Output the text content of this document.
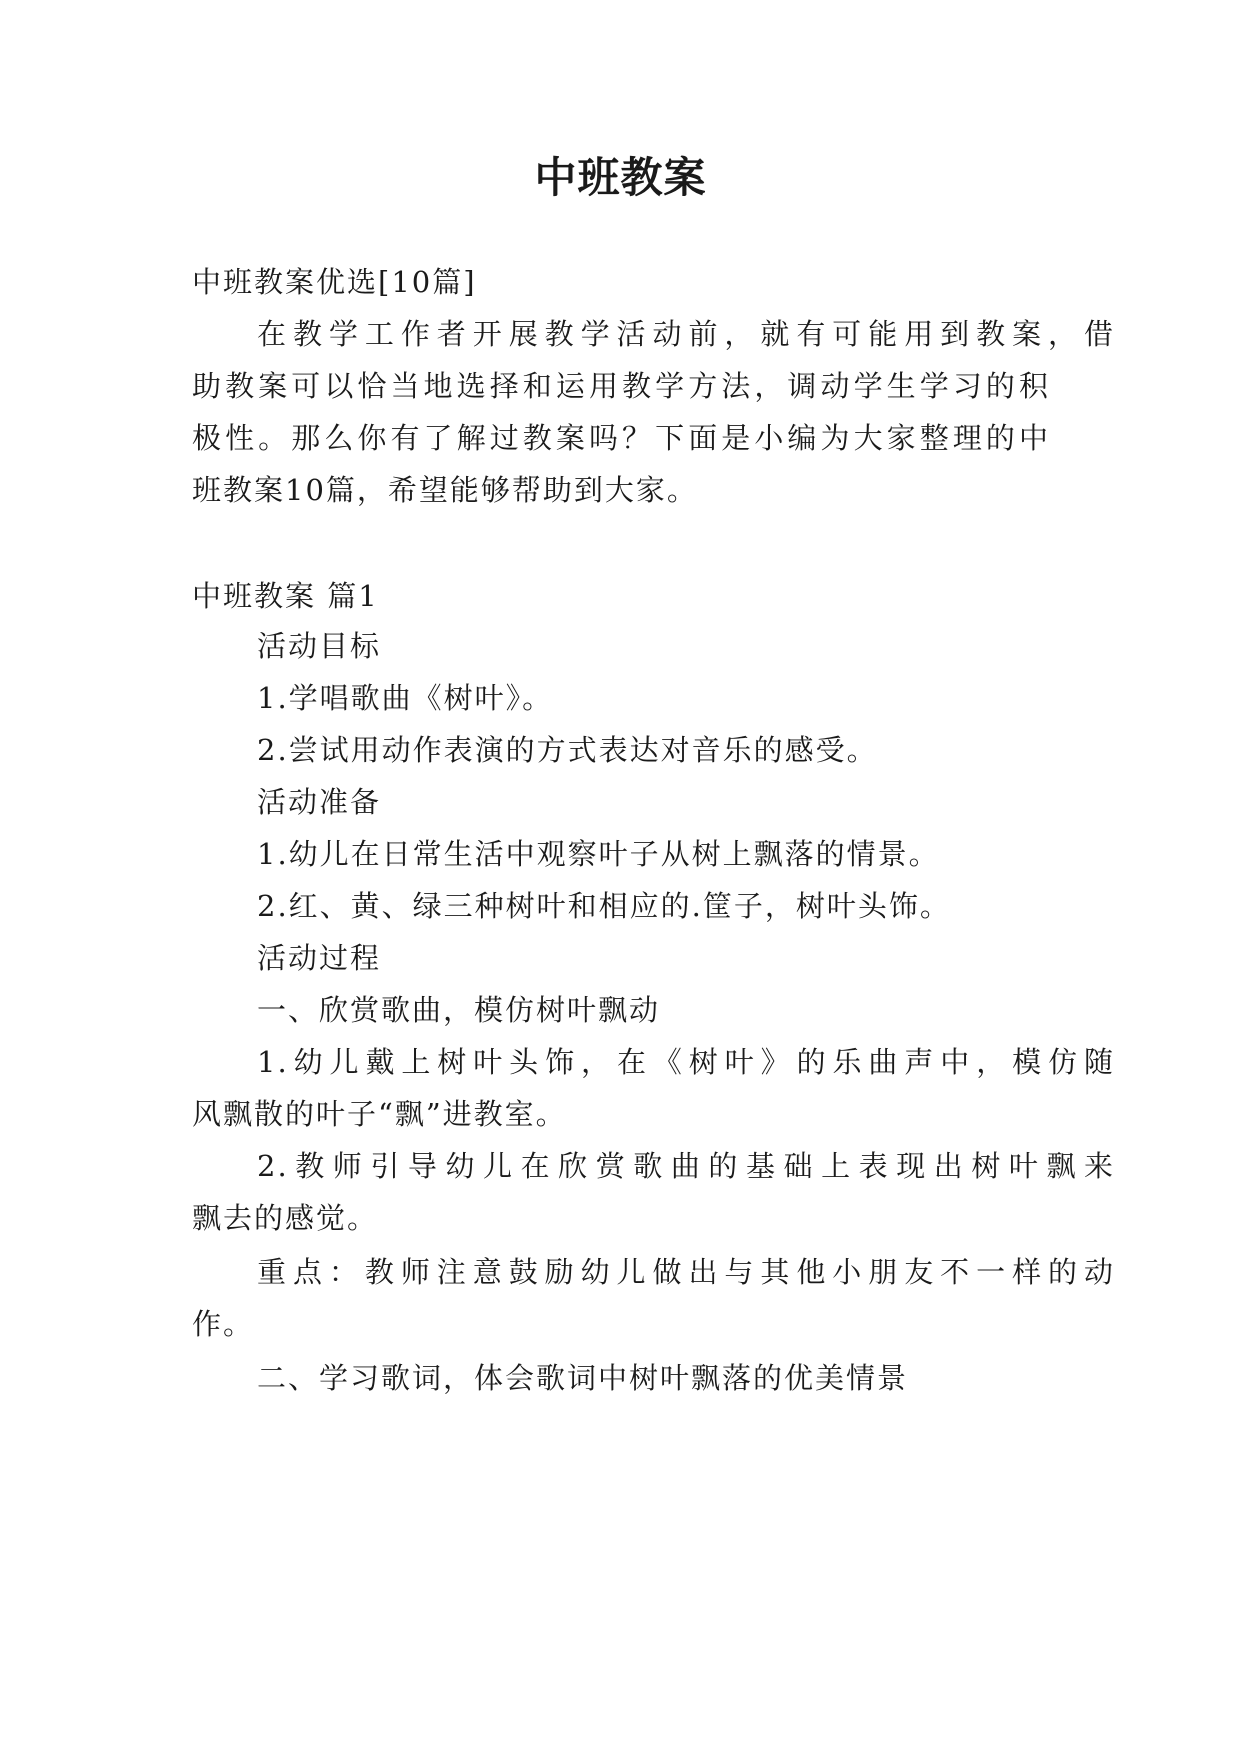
中班教案

中班教案优选[10篇]

在教学工作者开展教学活动前，就有可能用到教案，借

助教案可以恰当地选择和运用教学方法，调动学生学习的积

极性。那么你有了解过教案吗？下面是小编为大家整理的中

班教案10篇，希望能够帮助到大家。

中班教案 篇1

活动目标

1.学唱歌曲《树叶》。

2.尝试用动作表演的方式表达对音乐的感受。

活动准备

1.幼儿在日常生活中观察叶子从树上飘落的情景。

2.红、黄、绿三种树叶和相应的.筐子，树叶头饰。

活动过程

一、欣赏歌曲，模仿树叶飘动

1.幼儿戴上树叶头饰，在《树叶》的乐曲声中，模仿随

风飘散的叶子“飘”进教室。

2.教师引导幼儿在欣赏歌曲的基础上表现出树叶飘来

飘去的感觉。

重点：教师注意鼓励幼儿做出与其他小朋友不一样的动

作。

二、学习歌词，体会歌词中树叶飘落的优美情景
